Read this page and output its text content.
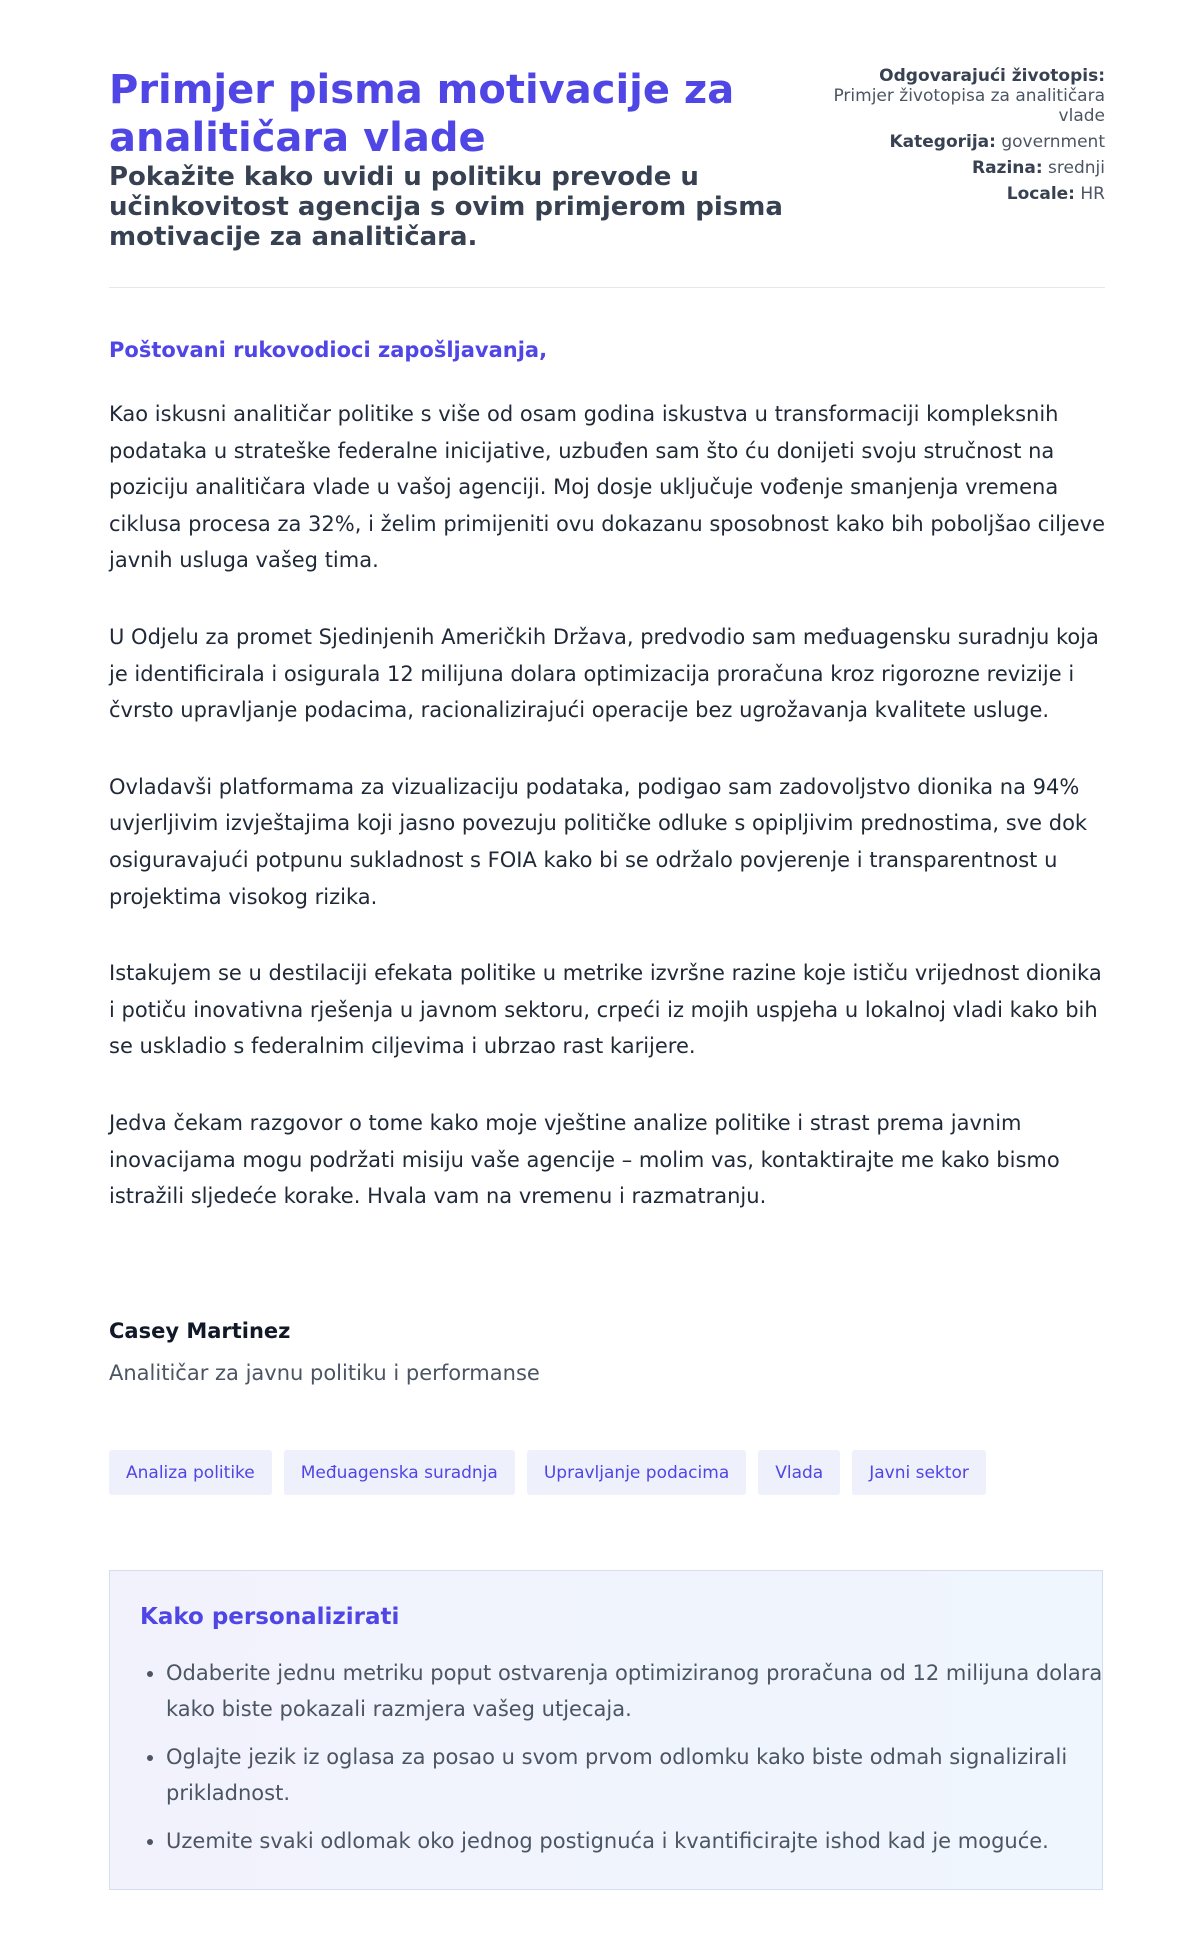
Primjer pisma motivacije za analitičara vlade
Pokažite kako uvidi u politiku prevode u učinkovitost agencija s ovim primjerom pisma motivacije za analitičara.
Odgovarajući životopis:
Primjer životopisa za analitičara vlade
Kategorija: government
Razina: srednji
Locale: HR

Poštovani rukovodioci zapošljavanja,

Kao iskusni analitičar politike s više od osam godina iskustva u transformaciji kompleksnih podataka u strateške federalne inicijative, uzbuđen sam što ću donijeti svoju stručnost na poziciju analitičara vlade u vašoj agenciji. Moj dosje uključuje vođenje smanjenja vremena ciklusa procesa za 32%, i želim primijeniti ovu dokazanu sposobnost kako bih poboljšao ciljeve javnih usluga vašeg tima.

U Odjelu za promet Sjedinjenih Američkih Država, predvodio sam međuagensku suradnju koja je identificirala i osigurala 12 milijuna dolara optimizacija proračuna kroz rigorozne revizije i čvrsto upravljanje podacima, racionalizirajući operacije bez ugrožavanja kvalitete usluge.

Ovladavši platformama za vizualizaciju podataka, podigao sam zadovoljstvo dionika na 94% uvjerljivim izvještajima koji jasno povezuju političke odluke s opipljivim prednostima, sve dok osiguravajući potpunu sukladnost s FOIA kako bi se održalo povjerenje i transparentnost u projektima visokog rizika.

Istakujem se u destilaciji efekata politike u metrike izvršne razine koje ističu vrijednost dionika i potiču inovativna rješenja u javnom sektoru, crpeći iz mojih uspjeha u lokalnoj vladi kako bih se uskladio s federalnim ciljevima i ubrzao rast karijere.

Jedva čekam razgovor o tome kako moje vještine analize politike i strast prema javnim inovacijama mogu podržati misiju vaše agencije – molim vas, kontaktirajte me kako bismo istražili sljedeće korake. Hvala vam na vremenu i razmatranju.

Casey Martinez
Analitičar za javnu politiku i performanse
Analiza politike	Međuagenska suradnja	Upravljanje podacima	Vlada	Javni sektor
Kako personalizirati
• Odaberite jednu metriku poput ostvarenja optimiziranog proračuna od 12 milijuna dolara kako biste pokazali razmjera vašeg utjecaja.
• Oglajte jezik iz oglasa za posao u svom prvom odlomku kako biste odmah signalizirali prikladnost.
• Uzemite svaki odlomak oko jednog postignuća i kvantificirajte ishod kad je moguće.
